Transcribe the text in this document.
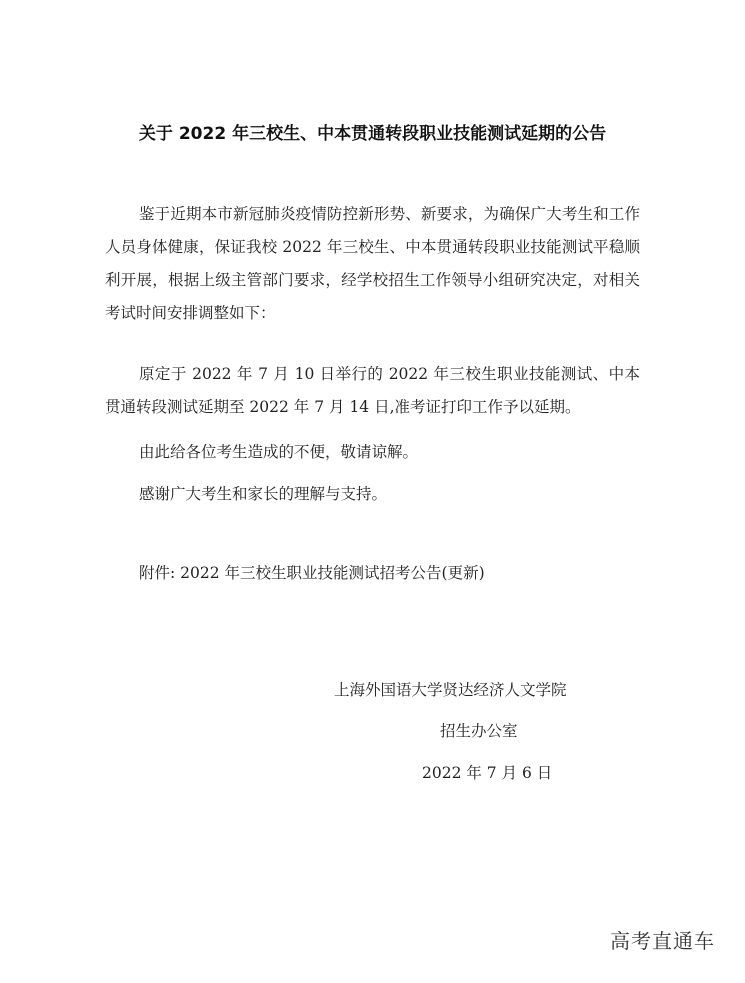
关于 2022 年三校生、中本贯通转段职业技能测试延期的公告

鉴于近期本市新冠肺炎疫情防控新形势、新要求，为确保广大考生和工作人员身体健康，保证我校 2022 年三校生、中本贯通转段职业技能测试平稳顺利开展，根据上级主管部门要求，经学校招生工作领导小组研究决定，对相关考试时间安排调整如下：

原定于 2022 年 7 月 10 日举行的 2022 年三校生职业技能测试、中本贯通转段测试延期至 2022 年 7 月 14 日,准考证打印工作予以延期。

由此给各位考生造成的不便，敬请谅解。

感谢广大考生和家长的理解与支持。

附件: 2022 年三校生职业技能测试招考公告(更新)
上海外国语大学贤达经济人文学院
招生办公室
2022 年 7 月 6 日
高考直通车
